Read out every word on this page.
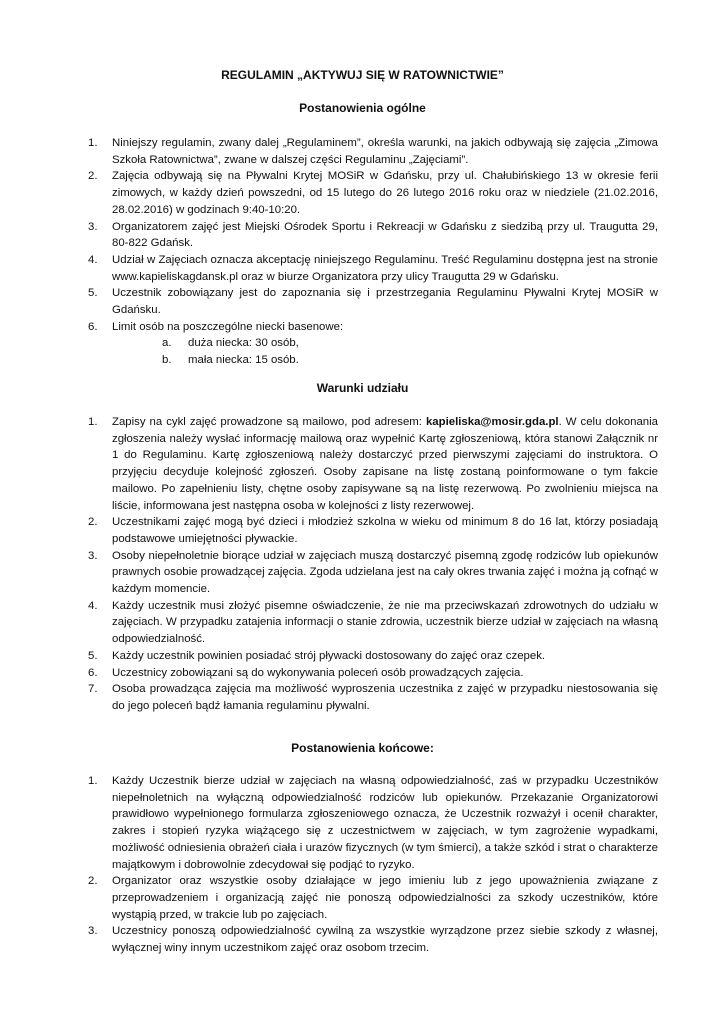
REGULAMIN „AKTYWUJ SIĘ W RATOWNICTWIE”
Postanowienia ogólne
1. Niniejszy regulamin, zwany dalej „Regulaminem”, określa warunki, na jakich odbywają się zajęcia „Zimowa Szkoła Ratownictwa”, zwane w dalszej części Regulaminu „Zajęciami”.
2. Zajęcia odbywają się na Pływalni Krytej MOSiR w Gdańsku, przy ul. Chałubińskiego 13 w okresie ferii zimowych, w każdy dzień powszedni, od 15 lutego do 26 lutego 2016 roku oraz w niedziele (21.02.2016, 28.02.2016) w godzinach 9:40-10:20.
3. Organizatorem zajęć jest Miejski Ośrodek Sportu i Rekreacji w Gdańsku z siedzibą przy ul. Traugutta 29, 80-822 Gdańsk.
4. Udział w Zajęciach oznacza akceptację niniejszego Regulaminu. Treść Regulaminu dostępna jest na stronie www.kapieliskagdansk.pl oraz w biurze Organizatora przy ulicy Traugutta 29 w Gdańsku.
5. Uczestnik zobowiązany jest do zapoznania się i przestrzegania Regulaminu Pływalni Krytej MOSiR w Gdańsku.
6. Limit osób na poszczególne niecki basenowe:
a. duża niecka: 30 osób,
b. mała niecka: 15 osób.
Warunki udziału
1. Zapisy na cykl zajęć prowadzone są mailowo, pod adresem: kapieliska@mosir.gda.pl. W celu dokonania zgłoszenia należy wysłać informację mailową oraz wypełnić Kartę zgłoszeniową, która stanowi Załącznik nr 1 do Regulaminu. Kartę zgłoszeniową należy dostarczyć przed pierwszymi zajęciami do instruktora. O przyjęciu decyduje kolejność zgłoszeń. Osoby zapisane na listę zostaną poinformowane o tym fakcie mailowo. Po zapełnieniu listy, chętne osoby zapisywane są na listę rezerwową. Po zwolnieniu miejsca na liście, informowana jest następna osoba w kolejności z listy rezerwowej.
2. Uczestnikami zajęć mogą być dzieci i młodzież szkolna w wieku od minimum 8 do 16 lat, którzy posiadają podstawowe umiejętności pływackie.
3. Osoby niepełnoletnie biorące udział w zajęciach muszą dostarczyć pisemną zgodę rodziców lub opiekunów prawnych osobie prowadzącej zajęcia. Zgoda udzielana jest na cały okres trwania zajęć i można ją cofnąć w każdym momencie.
4. Każdy uczestnik musi złożyć pisemne oświadczenie, że nie ma przeciwskazań zdrowotnych do udziału w zajęciach. W przypadku zatajenia informacji o stanie zdrowia, uczestnik bierze udział w zajęciach na własną odpowiedzialność.
5. Każdy uczestnik powinien posiadać strój pływacki dostosowany do zajęć oraz czepek.
6. Uczestnicy zobowiązani są do wykonywania poleceń osób prowadzących zajęcia.
7. Osoba prowadząca zajęcia ma możliwość wyproszenia uczestnika z zajęć w przypadku niestosowania się do jego poleceń bądź łamania regulaminu pływalni.
Postanowienia końcowe:
1. Każdy Uczestnik bierze udział w zajęciach na własną odpowiedzialność, zaś w przypadku Uczestników niepełnoletnich na wyłączną odpowiedzialność rodziców lub opiekunów. Przekazanie Organizatorowi prawidłowo wypełnionego formularza zgłoszeniowego oznacza, że Uczestnik rozważył i ocenił charakter, zakres i stopień ryzyka wiążącego się z uczestnictwem w zajęciach, w tym zagrożenie wypadkami, możliwość odniesienia obrażeń ciała i urazów fizycznych (w tym śmierci), a także szkód i strat o charakterze majątkowym i dobrowolnie zdecydował się podjąć to ryzyko.
2. Organizator oraz wszystkie osoby działające w jego imieniu lub z jego upoważnienia związane z przeprowadzeniem i organizacją zajęć nie ponoszą odpowiedzialności za szkody uczestników, które wystąpią przed, w trakcie lub po zajęciach.
3. Uczestnicy ponoszą odpowiedzialność cywilną za wszystkie wyrządzone przez siebie szkody z własnej, wyłącznej winy innym uczestnikom zajęć oraz osobom trzecim.
